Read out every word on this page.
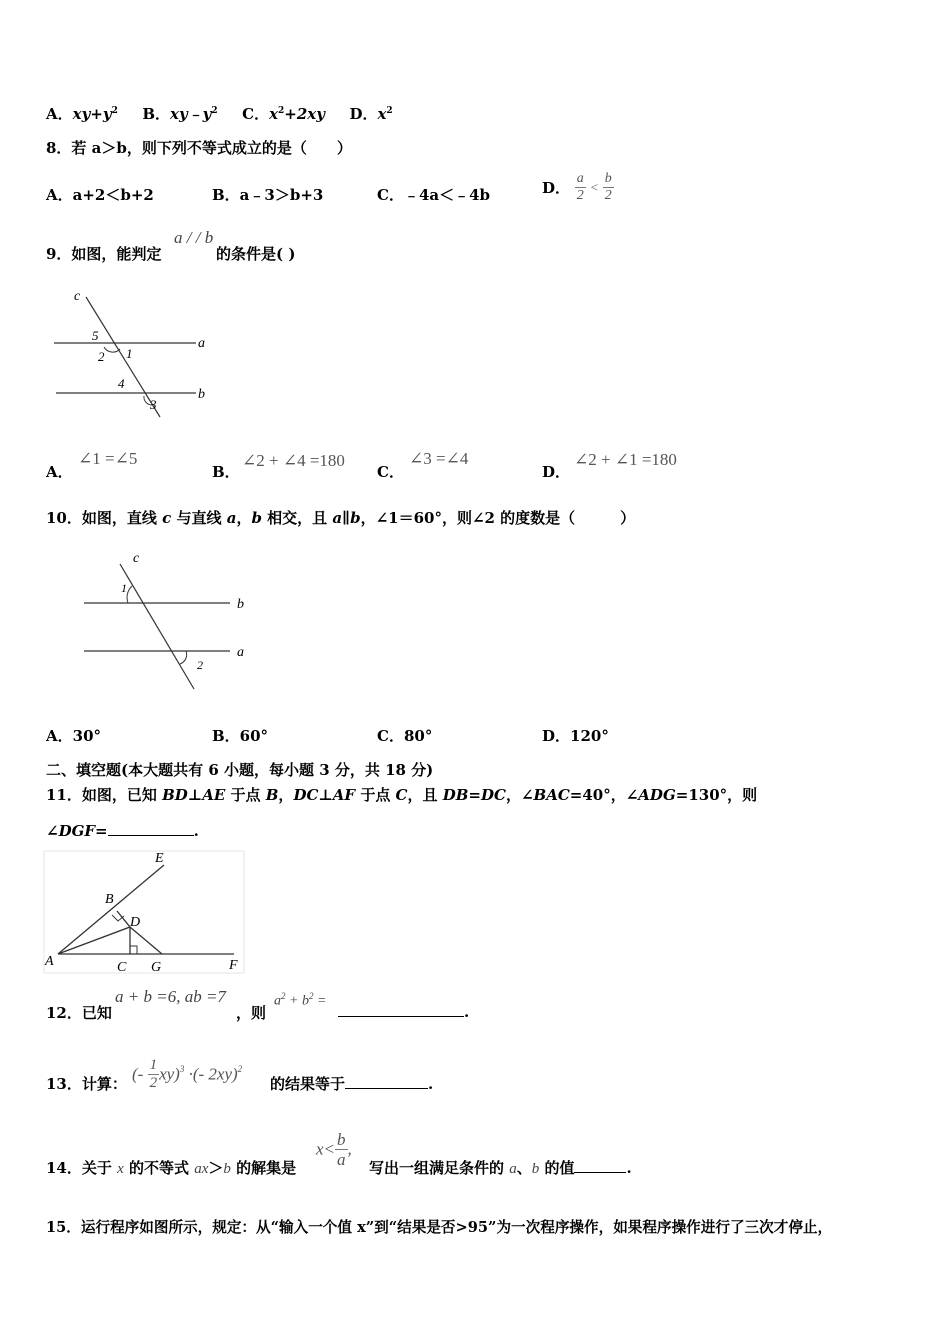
A．$xy+y^2$ B．$xy﹣y^2$ C．$x^2+2xy$ D．$x^2$
8．若 a＞b，则下列不等式成立的是（　　）
A．a+2＜b+2	B．a﹣3＞b+3	C．﹣4a＜﹣4b	D． $\frac{a}{2} < \frac{b}{2}$
9．如图，能判定
a / / b
的条件是( )
c
a
b
5
2 1
4
3
A．
∠1 =∠5
B．
∠2 + ∠4 =180
C．
∠3 =∠4
D．
∠2 + ∠1 =180
10．如图，直线 c 与直线 a，b 相交，且 a∥b，∠1＝60°，则∠2 的度数是（　　　）
c
b
a
1
2
A．30°	B．60°	C．80°	D．120°
二、填空题(本大题共有 6 小题，每小题 3 分，共 18 分)
11．如图，已知 BD⊥AE 于点 B，DC⊥AF 于点 C，且 DB=DC，∠BAC=40°，∠ADG=130°，则
∠DGF=	.
E
B
D
A	C G	F
12．已知
a + b =6, ab =7
，则
$a^2 + b^2$ =
.
13．计算：
(- $\frac{1}{2} xy)^3$ ·(- 2xy)$^2$
的结果等于	.
14．关于 x 的不等式 ax＞b 的解集是
$x< \frac{b}{a}$ ,
写出一组满足条件的 a、b 的值	.
15．运行程序如图所示，规定：从“输入一个值 x”到“结果是否>95”为一次程序操作，如果程序操作进行了三次才停止，
